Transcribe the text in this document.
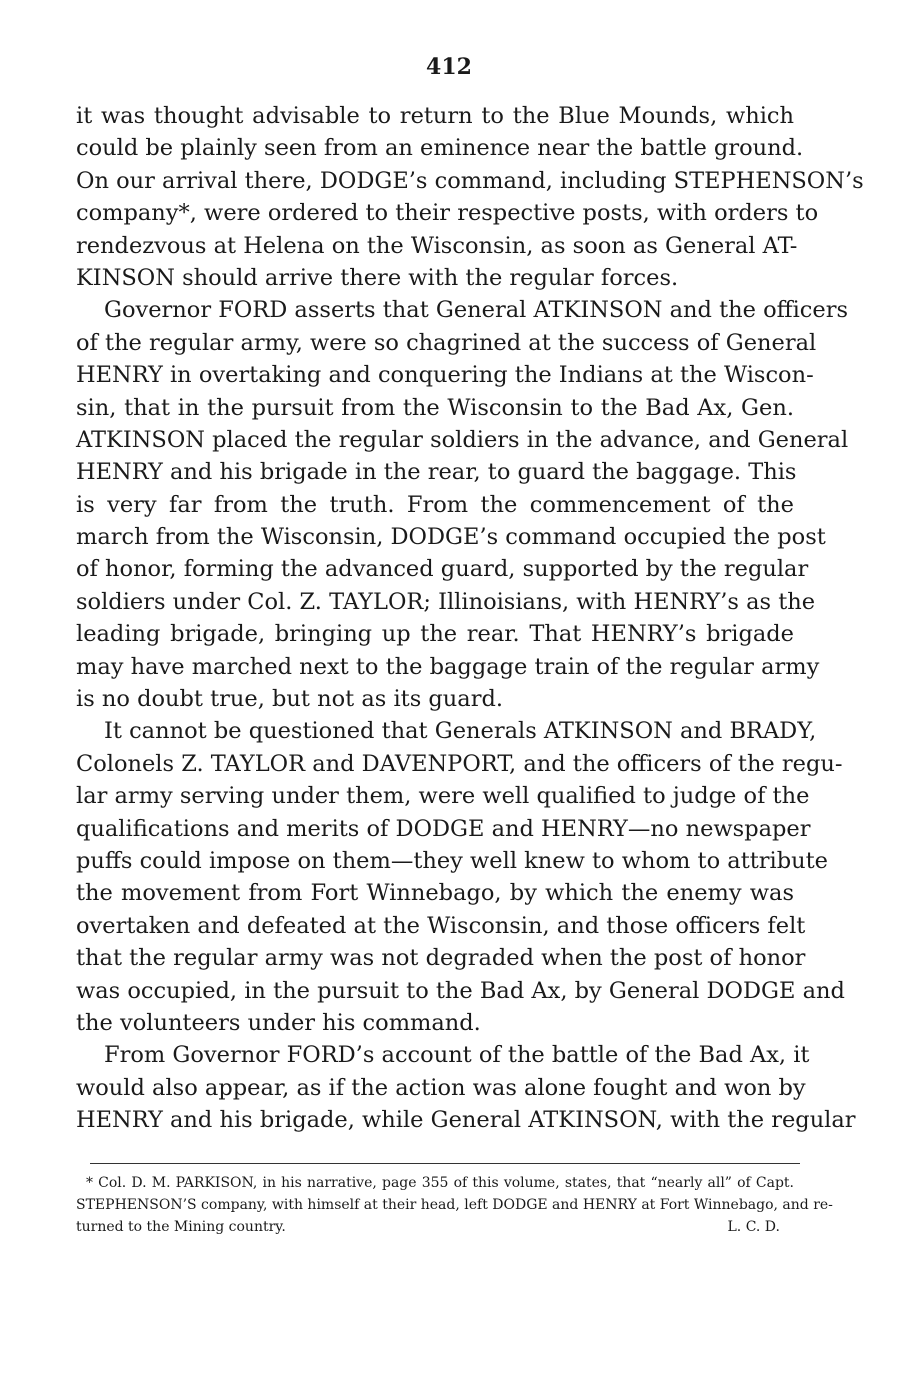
412
it was thought advisable to return to the Blue Mounds, which
could be plainly seen from an eminence near the battle ground.
On our arrival there, DODGE’s command, including STEPHENSON’s
company*, were ordered to their respective posts, with orders to
rendezvous at Helena on the Wisconsin, as soon as General AT-
KINSON should arrive there with the regular forces.
Governor FORD asserts that General ATKINSON and the officers
of the regular army, were so chagrined at the success of General
HENRY in overtaking and conquering the Indians at the Wiscon-
sin, that in the pursuit from the Wisconsin to the Bad Ax, Gen.
ATKINSON placed the regular soldiers in the advance, and General
HENRY and his brigade in the rear, to guard the baggage. This
is very far from the truth. From the commencement of the
march from the Wisconsin, DODGE’s command occupied the post
of honor, forming the advanced guard, supported by the regular
soldiers under Col. Z. TAYLOR; Illinoisians, with HENRY’s as the
leading brigade, bringing up the rear. That HENRY’s brigade
may have marched next to the baggage train of the regular army
is no doubt true, but not as its guard.
It cannot be questioned that Generals ATKINSON and BRADY,
Colonels Z. TAYLOR and DAVENPORT, and the officers of the regu-
lar army serving under them, were well qualified to judge of the
qualifications and merits of DODGE and HENRY—no newspaper
puffs could impose on them—they well knew to whom to attribute
the movement from Fort Winnebago, by which the enemy was
overtaken and defeated at the Wisconsin, and those officers felt
that the regular army was not degraded when the post of honor
was occupied, in the pursuit to the Bad Ax, by General DODGE and
the volunteers under his command.
From Governor FORD’s account of the battle of the Bad Ax, it
would also appear, as if the action was alone fought and won by
HENRY and his brigade, while General ATKINSON, with the regular
* Col. D. M. PARKISON, in his narrative, page 355 of this volume, states, that “nearly all” of Capt.
STEPHENSON’S company, with himself at their head, left DODGE and HENRY at Fort Winnebago, and re-
turned to the Mining country.	L. C. D.
